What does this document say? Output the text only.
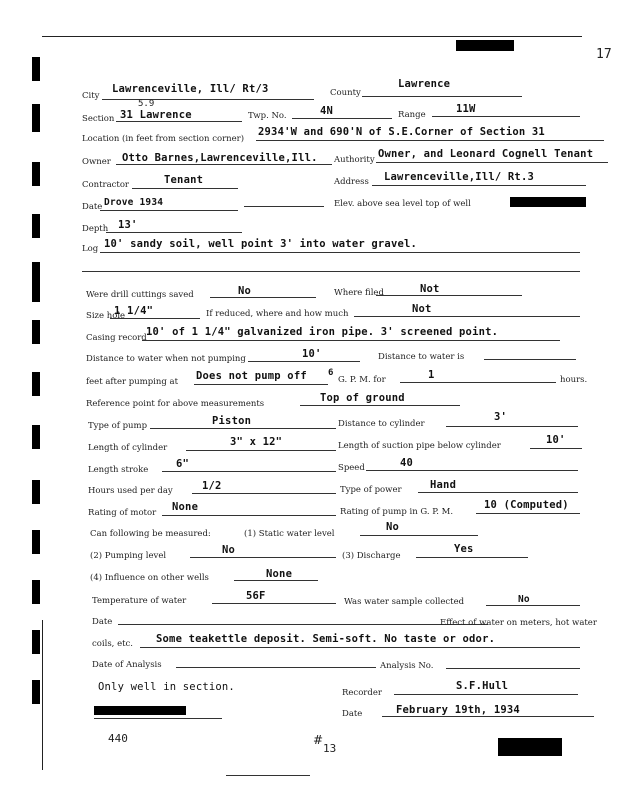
17
City
Lawrenceville, Ill/ Rt/3	County
Lawrence
5.9
Section 31 Lawrence	Twp. No.	4N	Range	11W
Location (in feet from section corner)
2934'W and 690'N of S.E.Corner of Section 31
Owner Otto Barnes,Lawrenceville,Ill. Authority Owner, and Leonard Cognell Tenant
Contractor	Tenant	Address Lawrenceville,Ill/ Rt.3
Date Drove 1934	Elev. above sea level top of well
Depth 13'
Log 10' sandy soil, well point 3' into water gravel.
Were drill cuttings saved	No	Where filed	Not
Size hole
1 1/4"	If reduced, where and how much	Not
Casing record 10' of 1 1/4" galvanized iron pipe. 3' screened point.
Distance to water when not pumping	10'	Distance to water is
feet after pumping at Does not pump off 6
G. P. M. for	1	hours.
Reference point for above measurements	Top of ground
Type of pump	Piston	Distance to cylinder
3'
Length of cylinder	3" x 12"	Length of suction pipe below cylinder	10'
Length stroke	6"	Speed	40
Hours used per day	1/2	Type of power	Hand
Rating of motor None	Rating of pump in G. P. M.
10 (Computed)
Can following be measured:	(1) Static water level
No
(2) Pumping level	No	(3) Discharge
Yes
(4) Influence on other wells	None
Temperature of water	56F	Was water sample collected	No
Date	Effect of water on meters, hot water
coils, etc. Some teakettle deposit. Semi-soft. No taste or odor.
Date of Analysis	Analysis No.
Only well in section.	Recorder
S.F.Hull
Date	February 19th, 1934
440	#
13
